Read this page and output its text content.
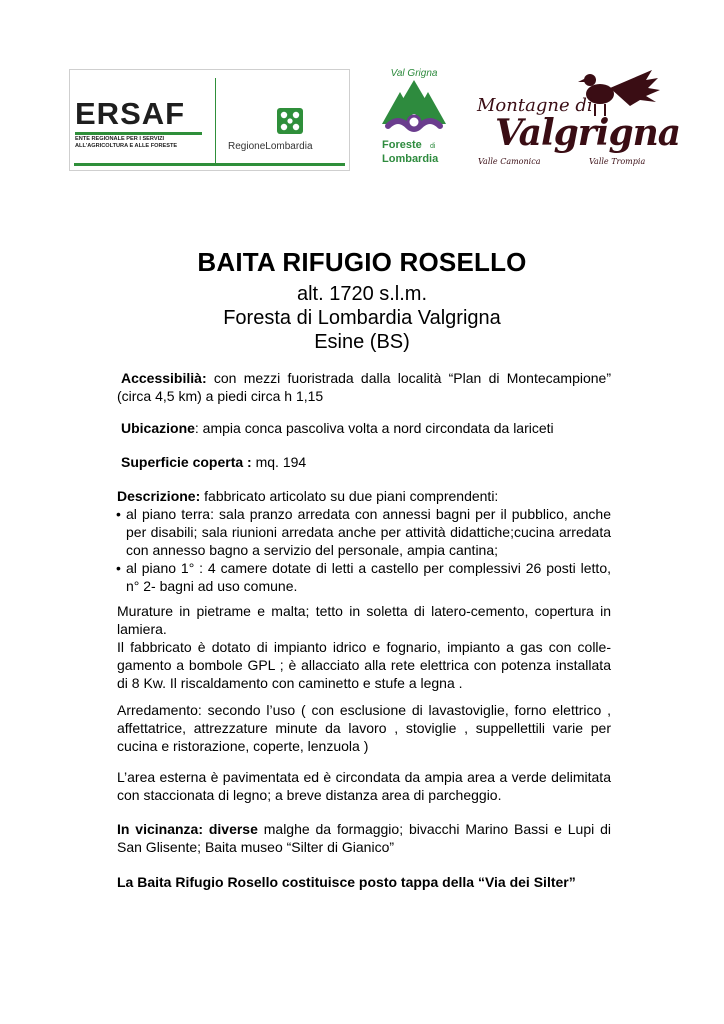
ERSAF
ENTE REGIONALE PER I SERVIZI
ALL'AGRICOLTURA E ALLE FORESTE	RegioneLombardia
Val Grigna
Foreste di
Lombardia
Montagne di
Valgrigna
Valle Camonica	Valle Trompia
BAITA RIFUGIO ROSELLO

alt. 1720 s.l.m.

Foresta di Lombardia Valgrigna

Esine (BS)

Accessibilià: con mezzi fuoristrada dalla località “Plan di Montecampione” (circa 4,5 km) a piedi circa h 1,15

Ubicazione: ampia conca pascoliva volta a nord circondata da lariceti

Superficie coperta : mq. 194

Descrizione: fabbricato articolato su due piani comprendenti:

• al piano terra: sala pranzo arredata con annessi bagni per il pubblico, anche per disabili; sala riunioni arredata anche per attività didattiche;cucina arredata con annesso bagno a servizio del personale, ampia cantina;
• al piano 1° : 4 camere dotate di letti a castello per complessivi 26 posti letto, n° 2- bagni ad uso comune.

Murature in pietrame e malta; tetto in soletta di latero-cemento, copertura in lamiera.

Il fabbricato è dotato di impianto idrico e fognario, impianto a gas con collegamento a bombole GPL ; è allacciato alla rete elettrica con potenza installata di 8 Kw. Il riscaldamento con caminetto e stufe a legna .

Arredamento: secondo l’uso ( con esclusione di lavastoviglie, forno elettrico , affettatrice, attrezzature minute da lavoro , stoviglie , suppellettili varie per cucina e ristorazione, coperte, lenzuola )

L’area esterna è pavimentata ed è circondata da ampia area a verde delimitata con staccionata di legno; a breve distanza area di parcheggio.

In vicinanza: diverse malghe da formaggio; bivacchi Marino Bassi e Lupi di San Glisente; Baita museo “Silter di Gianico”

La Baita Rifugio Rosello costituisce posto tappa della “Via dei Silter”
